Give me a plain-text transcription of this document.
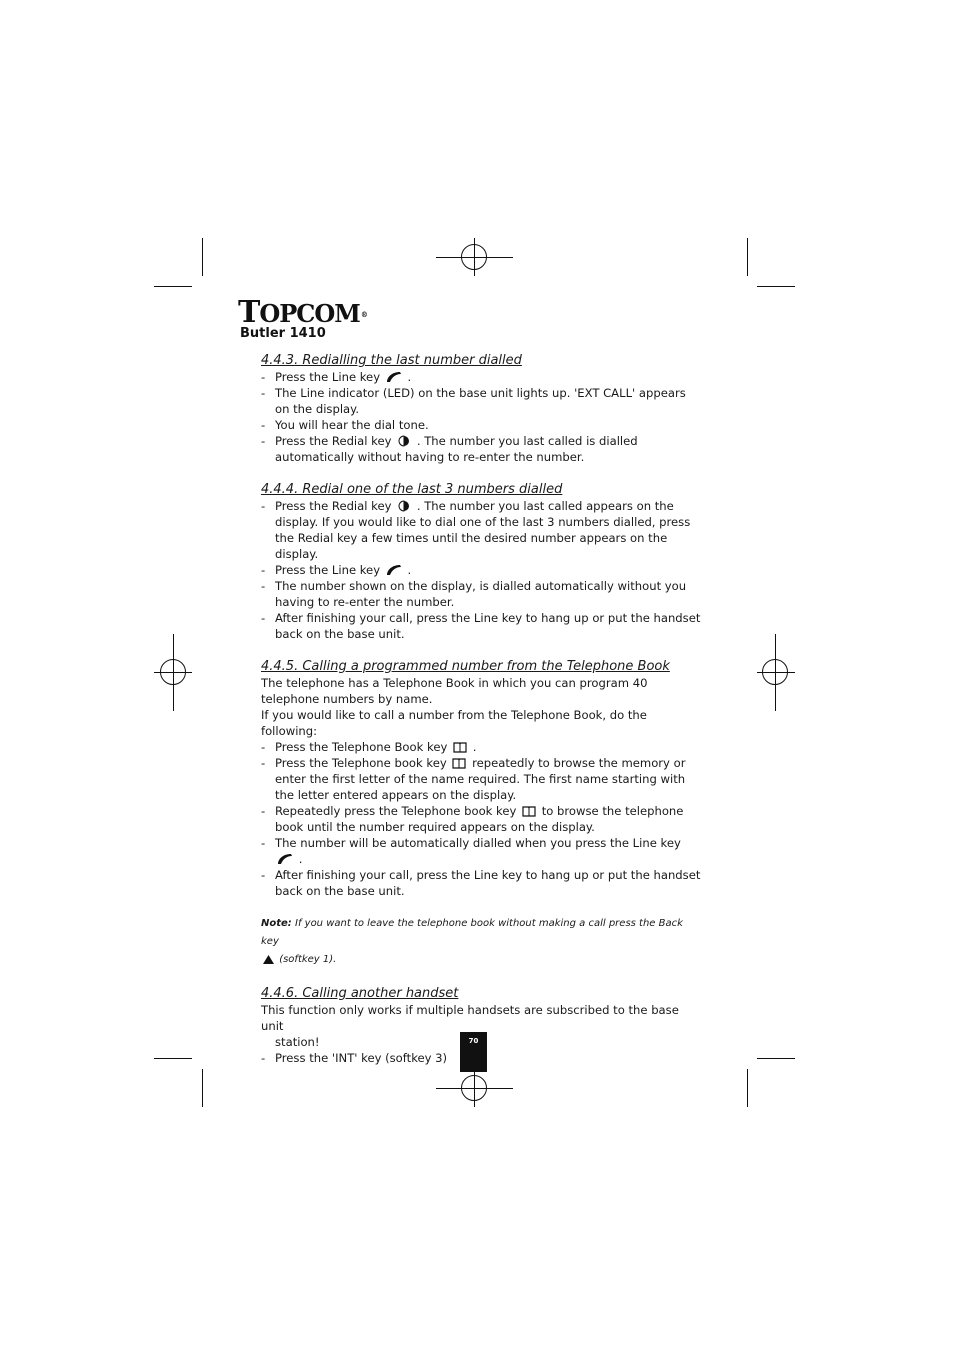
TOPCOM®
Butler 1410
4.4.3. Redialling the last number dialled
- Press the Line key .
- The Line indicator (LED) on the base unit lights up. 'EXT CALL' appears on the display.
- You will hear the dial tone.
- Press the Redial key . The number you last called is dialled automatically without having to re-enter the number.
4.4.4. Redial one of the last 3 numbers dialled
- Press the Redial key . The number you last called appears on the display. If you would like to dial one of the last 3 numbers dialled, press the Redial key a few times until the desired number appears on the display.
- Press the Line key .
- The number shown on the display, is dialled automatically without you having to re-enter the number.
- After finishing your call, press the Line key to hang up or put the handset back on the base unit.
4.4.5. Calling a programmed number from the Telephone Book

The telephone has a Telephone Book in which you can program 40 telephone numbers by name.

If you would like to call a number from the Telephone Book, do the following:

- Press the Telephone Book key .
- Press the Telephone book key  repeatedly to browse the memory or enter the first letter of the name required. The first name starting with the letter entered appears on the display.
- Repeatedly press the Telephone book key  to browse the telephone book until the number required appears on the display.
- The number will be automatically dialled when you press the Line key  .
- After finishing your call, press the Line key to hang up or put the handset back on the base unit.
Note: If you want to leave the telephone book without making a call press the Back key
(softkey 1).
4.4.6. Calling another handset

This function only works if multiple handsets are subscribed to the base unit

station!

- Press the 'INT' key (softkey 3)
70
